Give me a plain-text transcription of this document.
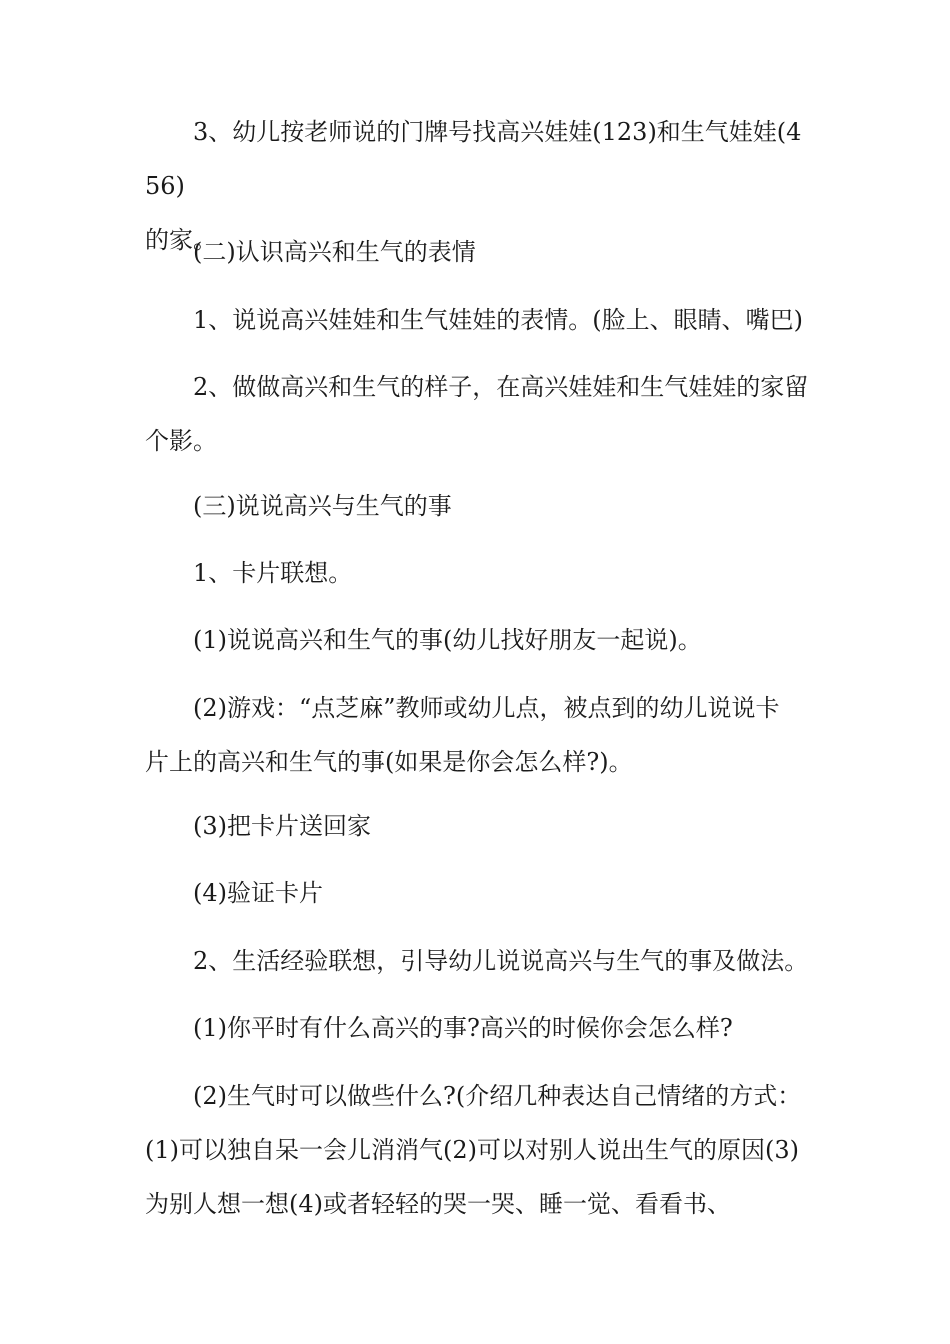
3、幼儿按老师说的门牌号找高兴娃娃(123)和生气娃娃(456)
的家。

(二)认识高兴和生气的表情

1、说说高兴娃娃和生气娃娃的表情。(脸上、眼睛、嘴巴)

2、做做高兴和生气的样子，在高兴娃娃和生气娃娃的家留
个影。

(三)说说高兴与生气的事

1、卡片联想。

(1)说说高兴和生气的事(幼儿找好朋友一起说)。

(2)游戏：“点芝麻”教师或幼儿点，被点到的幼儿说说卡
片上的高兴和生气的事(如果是你会怎么样?)。

(3)把卡片送回家

(4)验证卡片

2、生活经验联想，引导幼儿说说高兴与生气的事及做法。

(1)你平时有什么高兴的事?高兴的时候你会怎么样?

(2)生气时可以做些什么?(介绍几种表达自己情绪的方式：
(1)可以独自呆一会儿消消气(2)可以对别人说出生气的原因(3)
为别人想一想(4)或者轻轻的哭一哭、睡一觉、看看书、
